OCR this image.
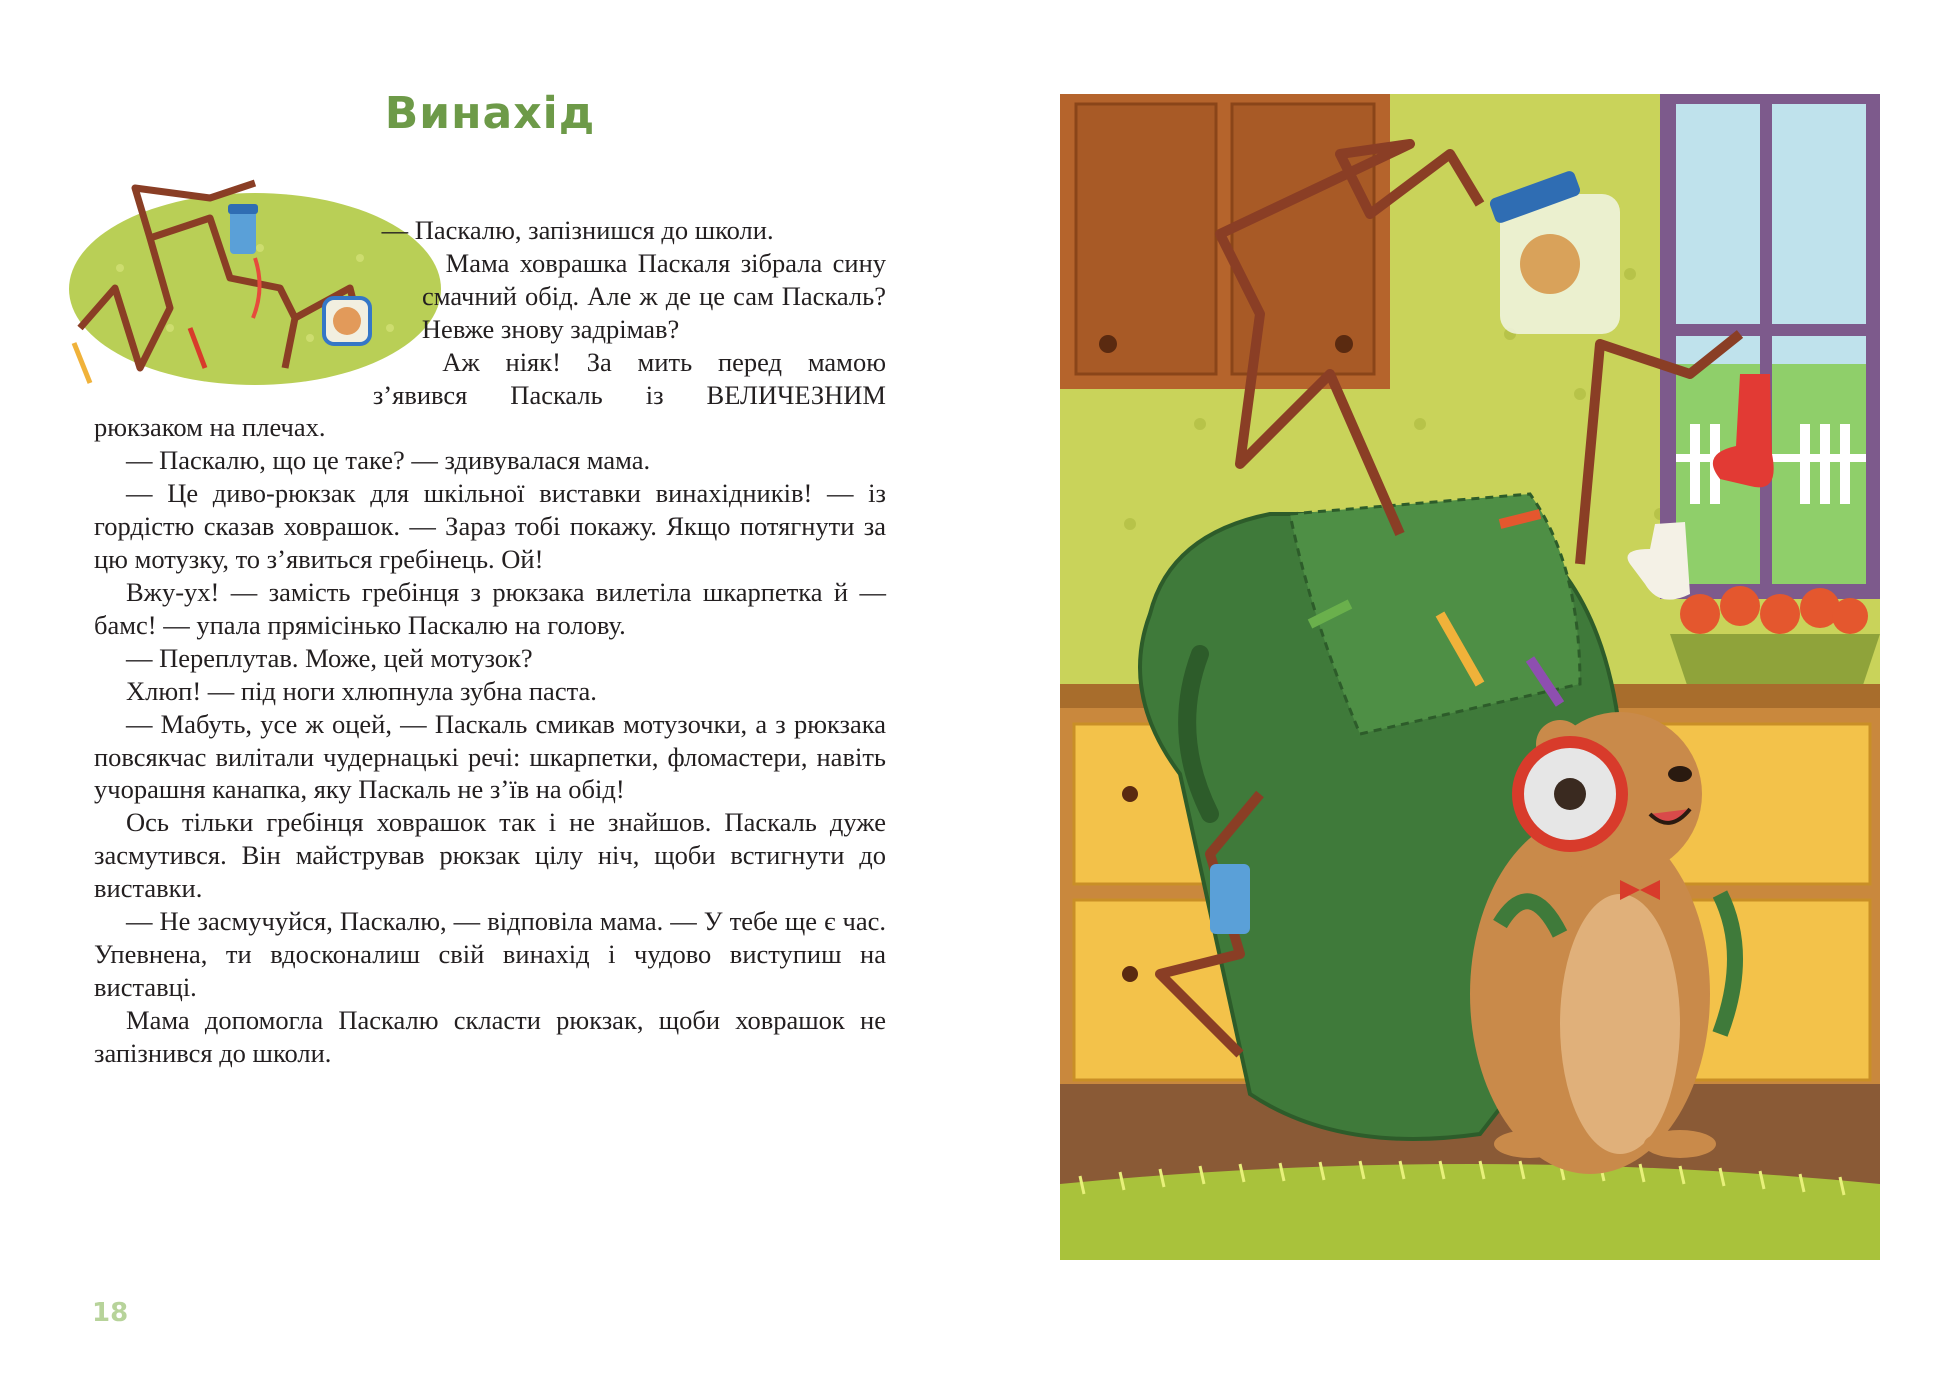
Винахід

— Паскалю, запізнишся до школи.

Мама ховрашка Паскаля зібрала сину смачний обід. Але ж де це сам Паскаль? Невже знову задрімав?

Аж ніяк! За мить перед мамою з’явився Паскаль із ВЕЛИЧЕЗНИМ рюкзаком на плечах.

— Паскалю, що це таке? — здивувалася мама.

— Це диво-рюкзак для шкільної виставки винахідників! — із гордістю сказав ховрашок. — Зараз тобі покажу. Якщо потягнути за цю мотузку, то з’явиться гребінець. Ой!

Вжу-ух! — замість гребінця з рюкзака вилетіла шкарпетка й — бамс! — упала прямісінько Паскалю на голову.

— Переплутав. Може, цей мотузок?

Хлюп! — під ноги хлюпнула зубна паста.

— Мабуть, усе ж оцей, — Паскаль смикав мотузочки, а з рюкзака повсякчас вилітали чудернацькі речі: шкарпетки, фломастери, навіть учорашня канапка, яку Паскаль не з’їв на обід!

Ось тільки гребінця ховрашок так і не знайшов. Паскаль дуже засмутився. Він майстрував рюкзак цілу ніч, щоби встигнути до виставки.

— Не засмучуйся, Паскалю, — відповіла мама. — У тебе ще є час. Упевнена, ти вдосконалиш свій винахід і чудово виступиш на виставці.

Мама допомогла Паскалю скласти рюкзак, щоби ховрашок не запізнився до школи.

18
